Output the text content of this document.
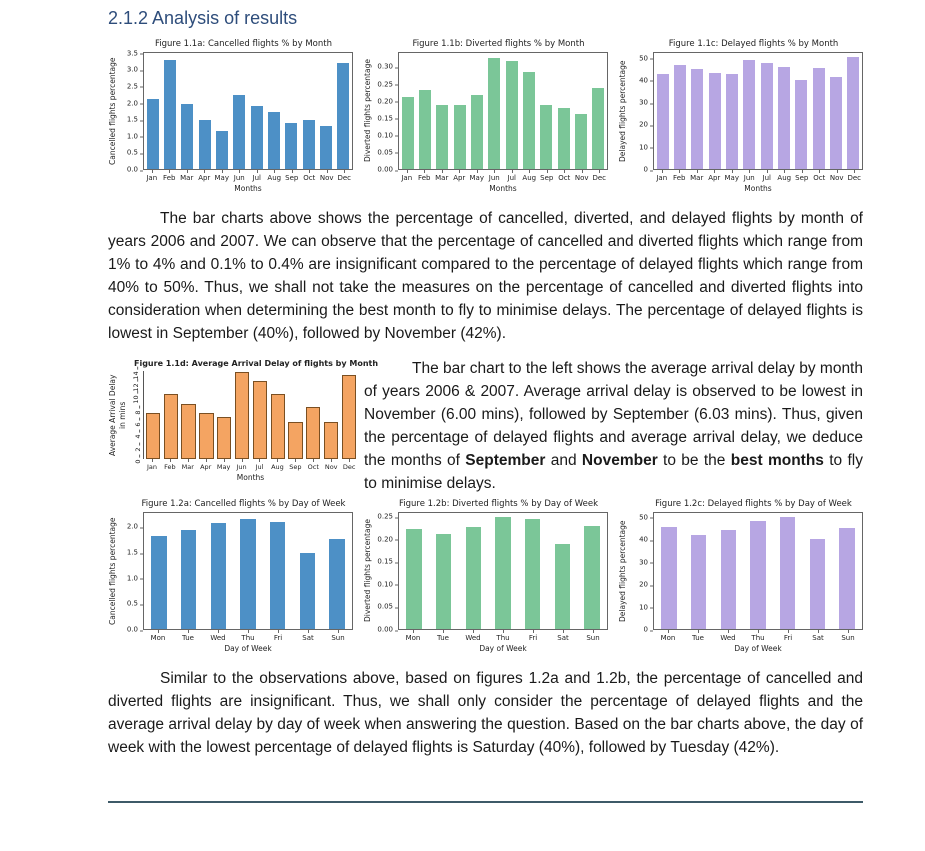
2.1.2 Analysis of results
Figure 1.1a: Cancelled flights % by Month
Cancelled flights percentage
0.0
0.5
1.0
1.5
2.0
2.5
3.0
3.5
Jan Feb Mar Apr May Jun	Jul Aug Sep Oct Nov Dec
Months
Figure 1.1b: Diverted flights % by Month
Diverted flights percentage
0.00
0.05
0.10
0.15
0.20
0.25
0.30
Jan Feb Mar Apr May Jun	Jul Aug Sep Oct Nov Dec
Months
Figure 1.1c: Delayed flights % by Month
Delayed flights percentage
0
10
20
30
40
50
Jan Feb Mar Apr May Jun	Jul Aug Sep Oct Nov Dec
Months

The bar charts above shows the percentage of cancelled, diverted, and delayed flights by month of years 2006 and 2007. We can observe that the percentage of cancelled and diverted flights which range from 1% to 4% and 0.1% to 0.4% are insignificant compared to the percentage of delayed flights which range from 40% to 50%. Thus, we shall not take the measures on the percentage of cancelled and diverted flights into consideration when determining the best month to fly to minimise delays. The percentage of delayed flights is lowest in September (40%), followed by November (42%).

Figure 1.1d: Average Arrival Delay of flights by Month
Average Arrival Delay in mins
0
2
4
6
8
10
12
14
Jan	Feb Mar Apr May Jun	Jul	Aug Sep Oct Nov Dec
Months
The bar chart to the left shows the average arrival delay by month of years 2006 & 2007. Average arrival delay is observed to be lowest in November (6.00 mins), followed by September (6.03 mins). Thus, given the percentage of delayed flights and average arrival delay, we deduce the months of September and November to be the best months to fly to minimise delays.
Figure 1.2a: Cancelled flights % by Day of Week
Cancelled flights percentage
0.0
0.5
1.0
1.5
2.0
Mon	Tue	Wed	Thu	Fri	Sat	Sun
Day of Week
Figure 1.2b: Diverted flights % by Day of Week
Diverted flights percentage
0.00
0.05
0.10
0.15
0.20
0.25
Mon	Tue	Wed	Thu	Fri	Sat	Sun
Day of Week
Figure 1.2c: Delayed flights % by Day of Week
Delayed flights percentage
0
10
20
30
40
50
Mon	Tue	Wed	Thu	Fri	Sat	Sun
Day of Week

Similar to the observations above, based on figures 1.2a and 1.2b, the percentage of cancelled and diverted flights are insignificant. Thus, we shall only consider the percentage of delayed flights and the average arrival delay by day of week when answering the question. Based on the bar charts above, the day of week with the lowest percentage of delayed flights is Saturday (40%), followed by Tuesday (42%).
